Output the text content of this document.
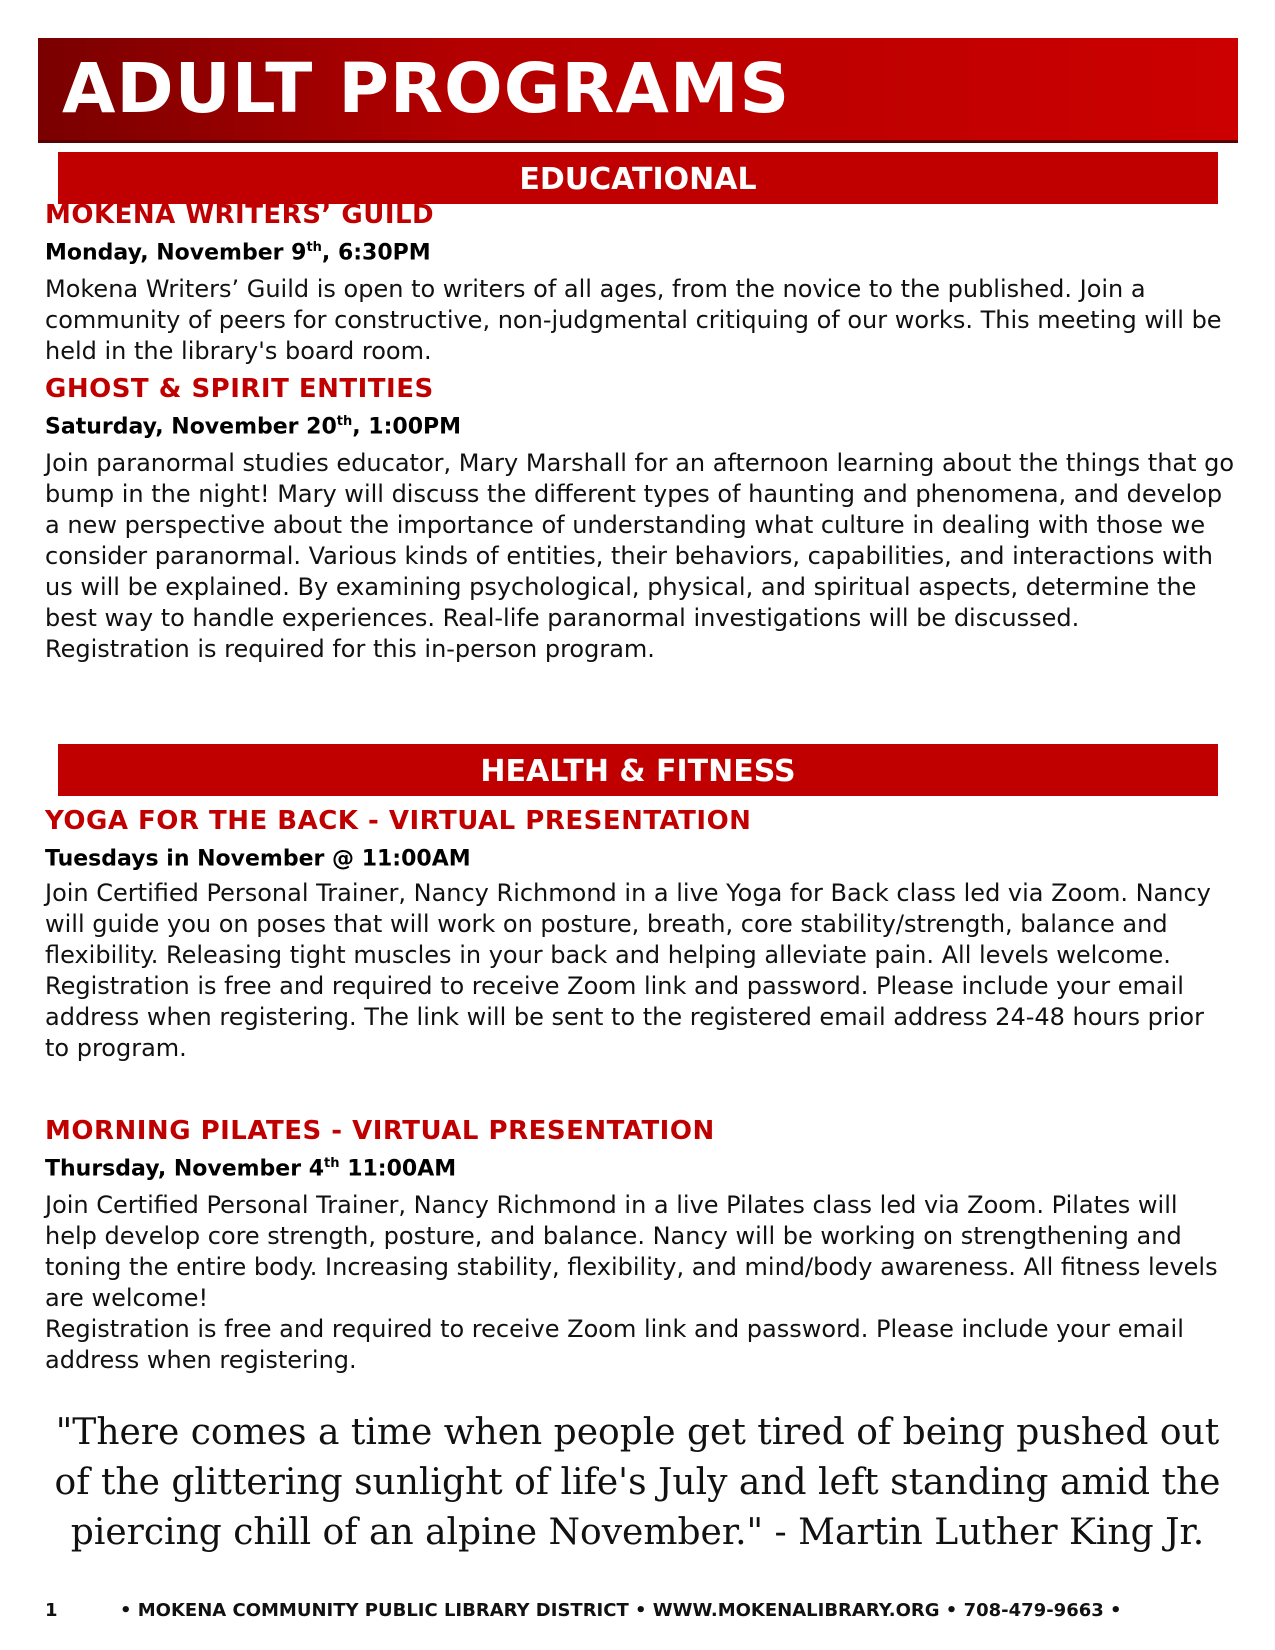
ADULT PROGRAMS
EDUCATIONAL
MOKENA WRITERS’ GUILD
Monday, November 9th, 6:30PM

Mokena Writers’ Guild is open to writers of all ages, from the novice to the published. Join a community of peers for constructive, non-judgmental critiquing of our works. This meeting will be held in the library's board room.

GHOST & SPIRIT ENTITIES
Saturday, November 20th, 1:00PM

Join paranormal studies educator, Mary Marshall for an afternoon learning about the things that go bump in the night! Mary will discuss the different types of haunting and phenomena, and develop a new perspective about the importance of understanding what culture in dealing with those we consider paranormal. Various kinds of entities, their behaviors, capabilities, and interactions with us will be explained. By examining psychological, physical, and spiritual aspects, determine the best way to handle experiences. Real-life paranormal investigations will be discussed.

Registration is required for this in-person program.

HEALTH & FITNESS
YOGA FOR THE BACK - VIRTUAL PRESENTATION
Tuesdays in November @ 11:00AM

Join Certified Personal Trainer, Nancy Richmond in a live Yoga for Back class led via Zoom. Nancy will guide you on poses that will work on posture, breath, core stability/strength, balance and flexibility. Releasing tight muscles in your back and helping alleviate pain. All levels welcome.

Registration is free and required to receive Zoom link and password. Please include your email address when registering. The link will be sent to the registered email address 24-48 hours prior to program.

MORNING PILATES - VIRTUAL PRESENTATION
Thursday, November 4th 11:00AM

Join Certified Personal Trainer, Nancy Richmond in a live Pilates class led via Zoom. Pilates will help develop core strength, posture, and balance. Nancy will be working on strengthening and toning the entire body. Increasing stability, flexibility, and mind/body awareness. All fitness levels are welcome!

Registration is free and required to receive Zoom link and password. Please include your email address when registering.

"There comes a time when people get tired of being pushed out of the glittering sunlight of life's July and left standing amid the piercing chill of an alpine November." - Martin Luther King Jr.
1	• MOKENA COMMUNITY PUBLIC LIBRARY DISTRICT • WWW.MOKENALIBRARY.ORG • 708-479-9663 •
